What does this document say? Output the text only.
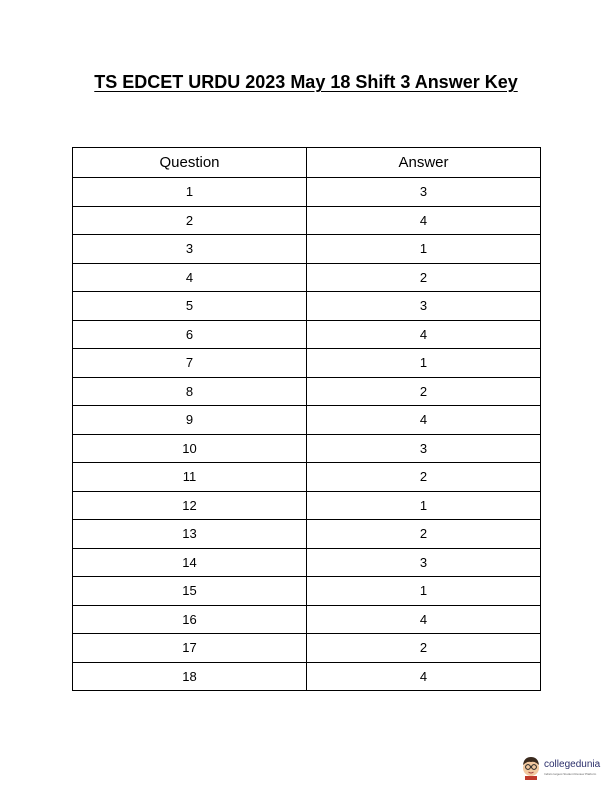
TS EDCET URDU 2023 May 18 Shift 3 Answer Key
Question	Answer
1	3
2	4
3	1
4	2
5	3
6	4
7	1
8	2
9	4
10	3
11	2
12	1
13	2
14	3
15	1
16	4
17	2
18	4
collegedunia
India's largest Student Review Platform
